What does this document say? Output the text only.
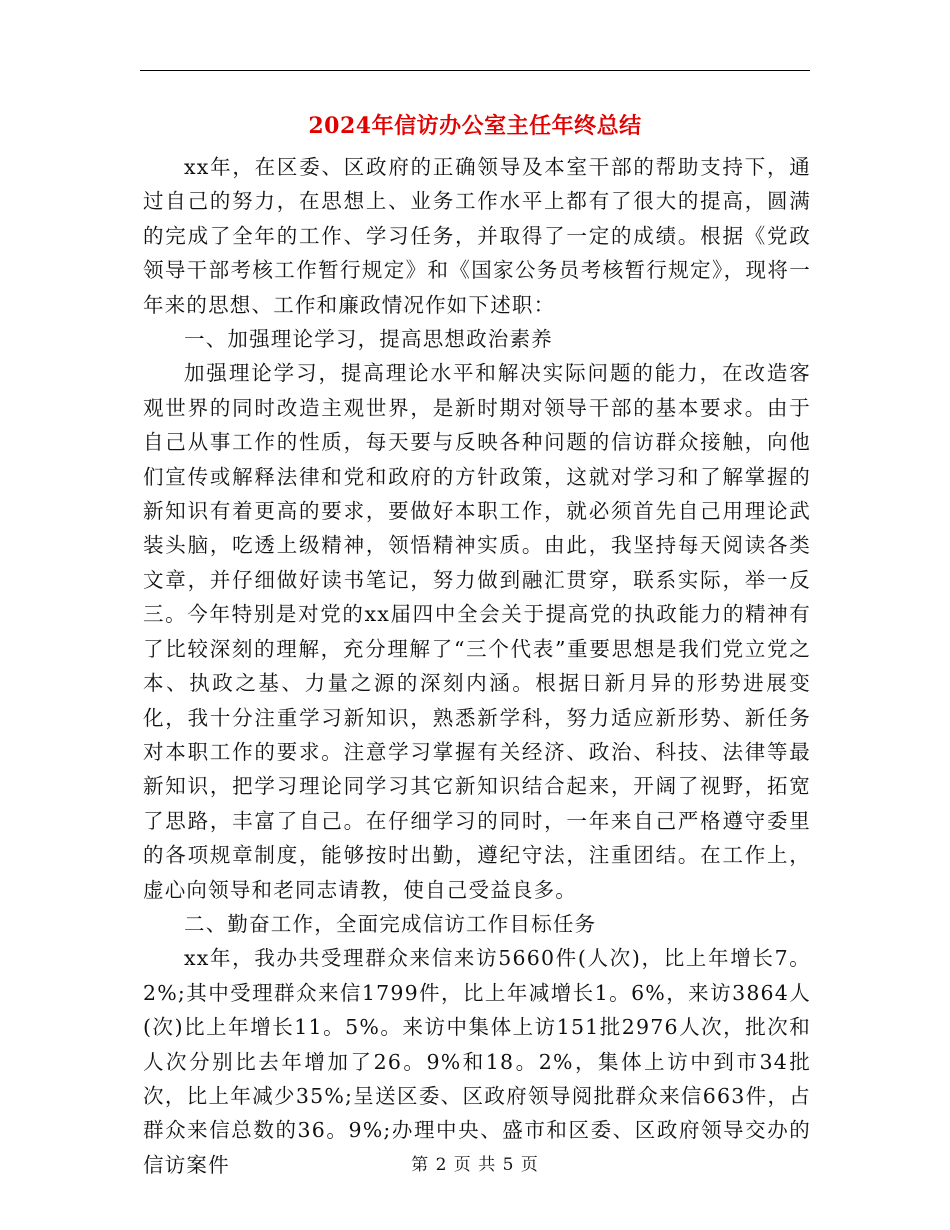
2024年信访办公室主任年终总结

xx年，在区委、区政府的正确领导及本室干部的帮助支持下，通过自己的努力，在思想上、业务工作水平上都有了很大的提高，圆满的完成了全年的工作、学习任务，并取得了一定的成绩。根据《党政领导干部考核工作暂行规定》和《国家公务员考核暂行规定》，现将一年来的思想、工作和廉政情况作如下述职：

一、加强理论学习，提高思想政治素养

加强理论学习，提高理论水平和解决实际问题的能力，在改造客观世界的同时改造主观世界，是新时期对领导干部的基本要求。由于自己从事工作的性质，每天要与反映各种问题的信访群众接触，向他们宣传或解释法律和党和政府的方针政策，这就对学习和了解掌握的新知识有着更高的要求，要做好本职工作，就必须首先自己用理论武装头脑，吃透上级精神，领悟精神实质。由此，我坚持每天阅读各类文章，并仔细做好读书笔记，努力做到融汇贯穿，联系实际，举一反三。今年特别是对党的xx届四中全会关于提高党的执政能力的精神有了比较深刻的理解，充分理解了“三个代表”重要思想是我们党立党之本、执政之基、力量之源的深刻内涵。根据日新月异的形势进展变化，我十分注重学习新知识，熟悉新学科，努力适应新形势、新任务对本职工作的要求。注意学习掌握有关经济、政治、科技、法律等最新知识，把学习理论同学习其它新知识结合起来，开阔了视野，拓宽了思路，丰富了自己。在仔细学习的同时，一年来自己严格遵守委里的各项规章制度，能够按时出勤，遵纪守法，注重团结。在工作上，虚心向领导和老同志请教，使自己受益良多。

二、勤奋工作，全面完成信访工作目标任务

xx年，我办共受理群众来信来访5660件(人次)，比上年增长7。2%;其中受理群众来信1799件，比上年减增长1。6%，来访3864人(次)比上年增长11。5%。来访中集体上访151批2976人次，批次和人次分别比去年增加了26。9%和18。2%，集体上访中到市34批次，比上年减少35%;呈送区委、区政府领导阅批群众来信663件，占群众来信总数的36。9%;办理中央、盛市和区委、区政府领导交办的信访案件	第 2 页 共 5 页
